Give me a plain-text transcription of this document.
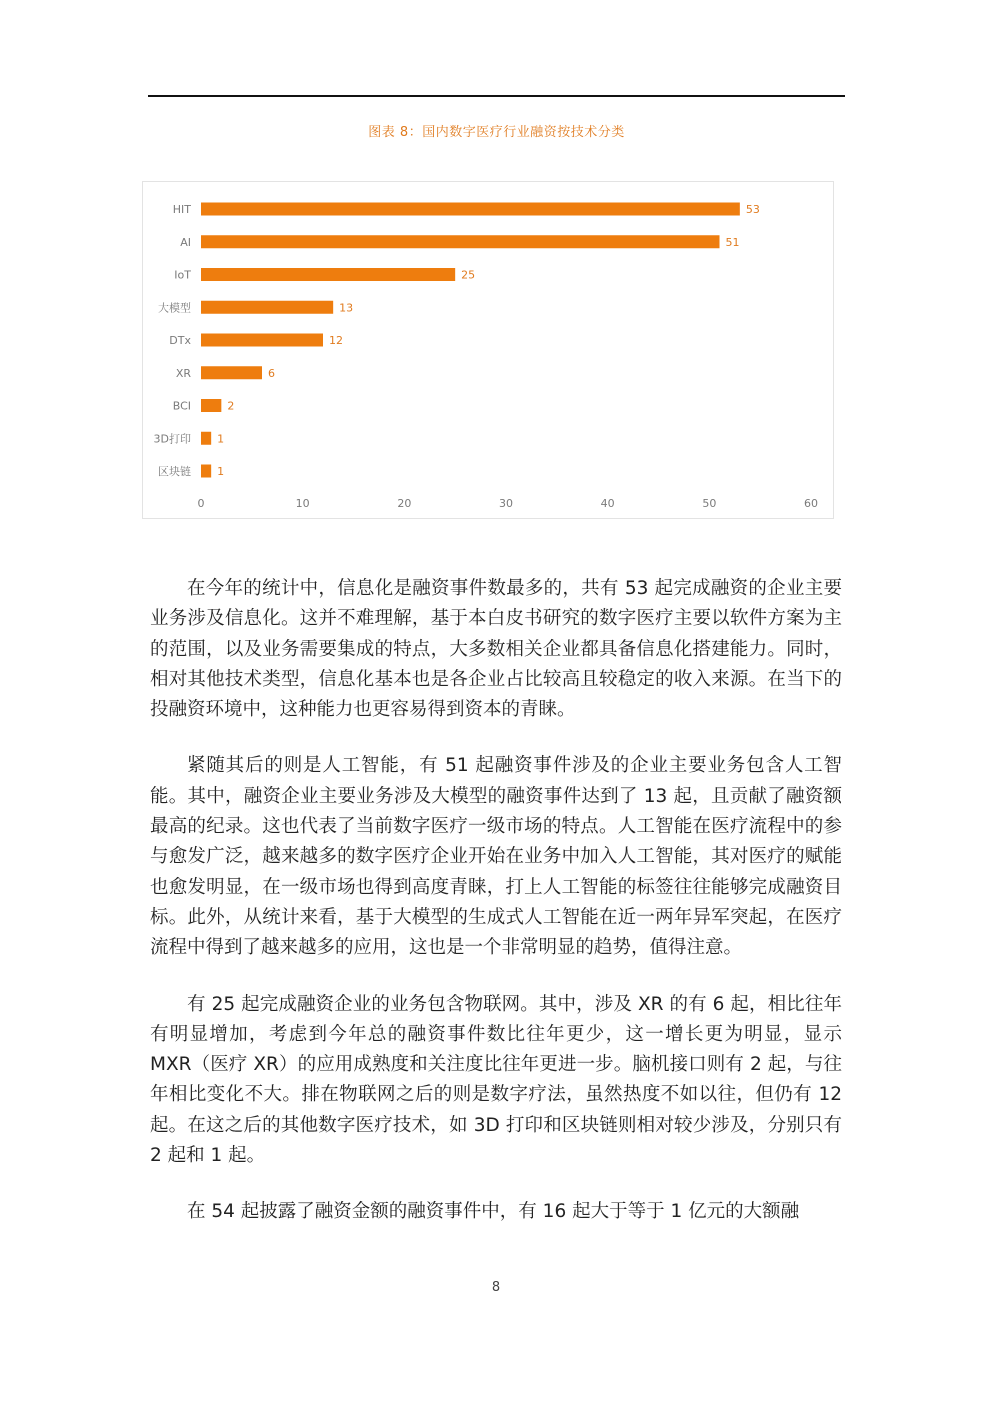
图表 8：国内数字医疗行业融资按技术分类
HIT	53
AI	51
IoT	25
大模型	13
DTx	12
XR	6
BCI	2
3D打印 1
区块链 1
0	10	20	30	40	50	60

在今年的统计中，信息化是融资事件数最多的，共有 53 起完成融资的企业主要业务涉及信息化。这并不难理解，基于本白皮书研究的数字医疗主要以软件方案为主的范围，以及业务需要集成的特点，大多数相关企业都具备信息化搭建能力。同时，相对其他技术类型，信息化基本也是各企业占比较高且较稳定的收入来源。在当下的投融资环境中，这种能力也更容易得到资本的青睐。

紧随其后的则是人工智能，有 51 起融资事件涉及的企业主要业务包含人工智能。其中，融资企业主要业务涉及大模型的融资事件达到了 13 起，且贡献了融资额最高的纪录。这也代表了当前数字医疗一级市场的特点。人工智能在医疗流程中的参与愈发广泛，越来越多的数字医疗企业开始在业务中加入人工智能，其对医疗的赋能也愈发明显，在一级市场也得到高度青睐，打上人工智能的标签往往能够完成融资目标。此外，从统计来看，基于大模型的生成式人工智能在近一两年异军突起，在医疗流程中得到了越来越多的应用，这也是一个非常明显的趋势，值得注意。

有 25 起完成融资企业的业务包含物联网。其中，涉及 XR 的有 6 起，相比往年有明显增加，考虑到今年总的融资事件数比往年更少，这一增长更为明显，显示 MXR（医疗 XR）的应用成熟度和关注度比往年更进一步。脑机接口则有 2 起，与往年相比变化不大。排在物联网之后的则是数字疗法，虽然热度不如以往，但仍有 12 起。在这之后的其他数字医疗技术，如 3D 打印和区块链则相对较少涉及，分别只有 2 起和 1 起。

在 54 起披露了融资金额的融资事件中，有 16 起大于等于 1 亿元的大额融

8
